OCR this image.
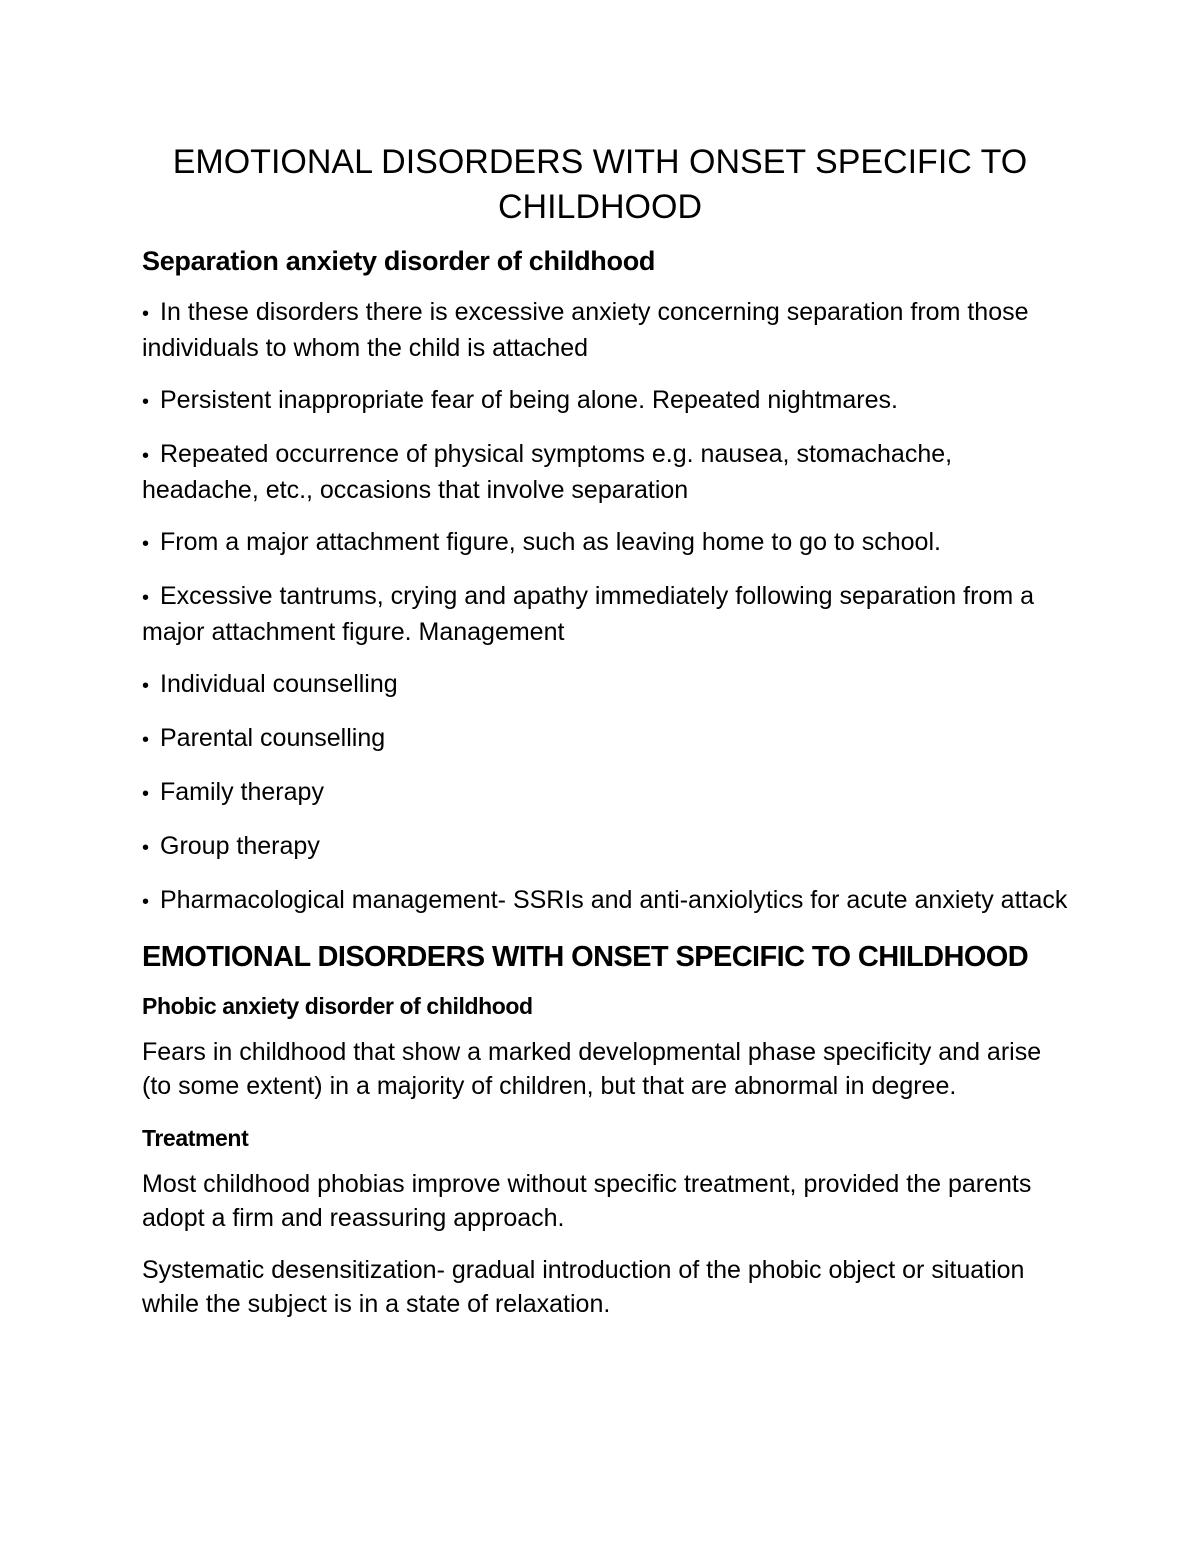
EMOTIONAL DISORDERS WITH ONSET SPECIFIC TO CHILDHOOD
Separation anxiety disorder of childhood
• In these disorders there is excessive anxiety concerning separation from those individuals to whom the child is attached
• Persistent inappropriate fear of being alone. Repeated nightmares.
• Repeated occurrence of physical symptoms e.g. nausea, stomachache, headache, etc., occasions that involve separation
• From a major attachment figure, such as leaving home to go to school.
• Excessive tantrums, crying and apathy immediately following separation from a major attachment figure. Management
• Individual counselling
• Parental counselling
• Family therapy
• Group therapy
• Pharmacological management- SSRIs and anti-anxiolytics for acute anxiety attack
EMOTIONAL DISORDERS WITH ONSET SPECIFIC TO CHILDHOOD
Phobic anxiety disorder of childhood
Fears in childhood that show a marked developmental phase specificity and arise (to some extent) in a majority of children, but that are abnormal in degree.
Treatment
Most childhood phobias improve without specific treatment, provided the parents adopt a firm and reassuring approach.
Systematic desensitization- gradual introduction of the phobic object or situation while the subject is in a state of relaxation.
